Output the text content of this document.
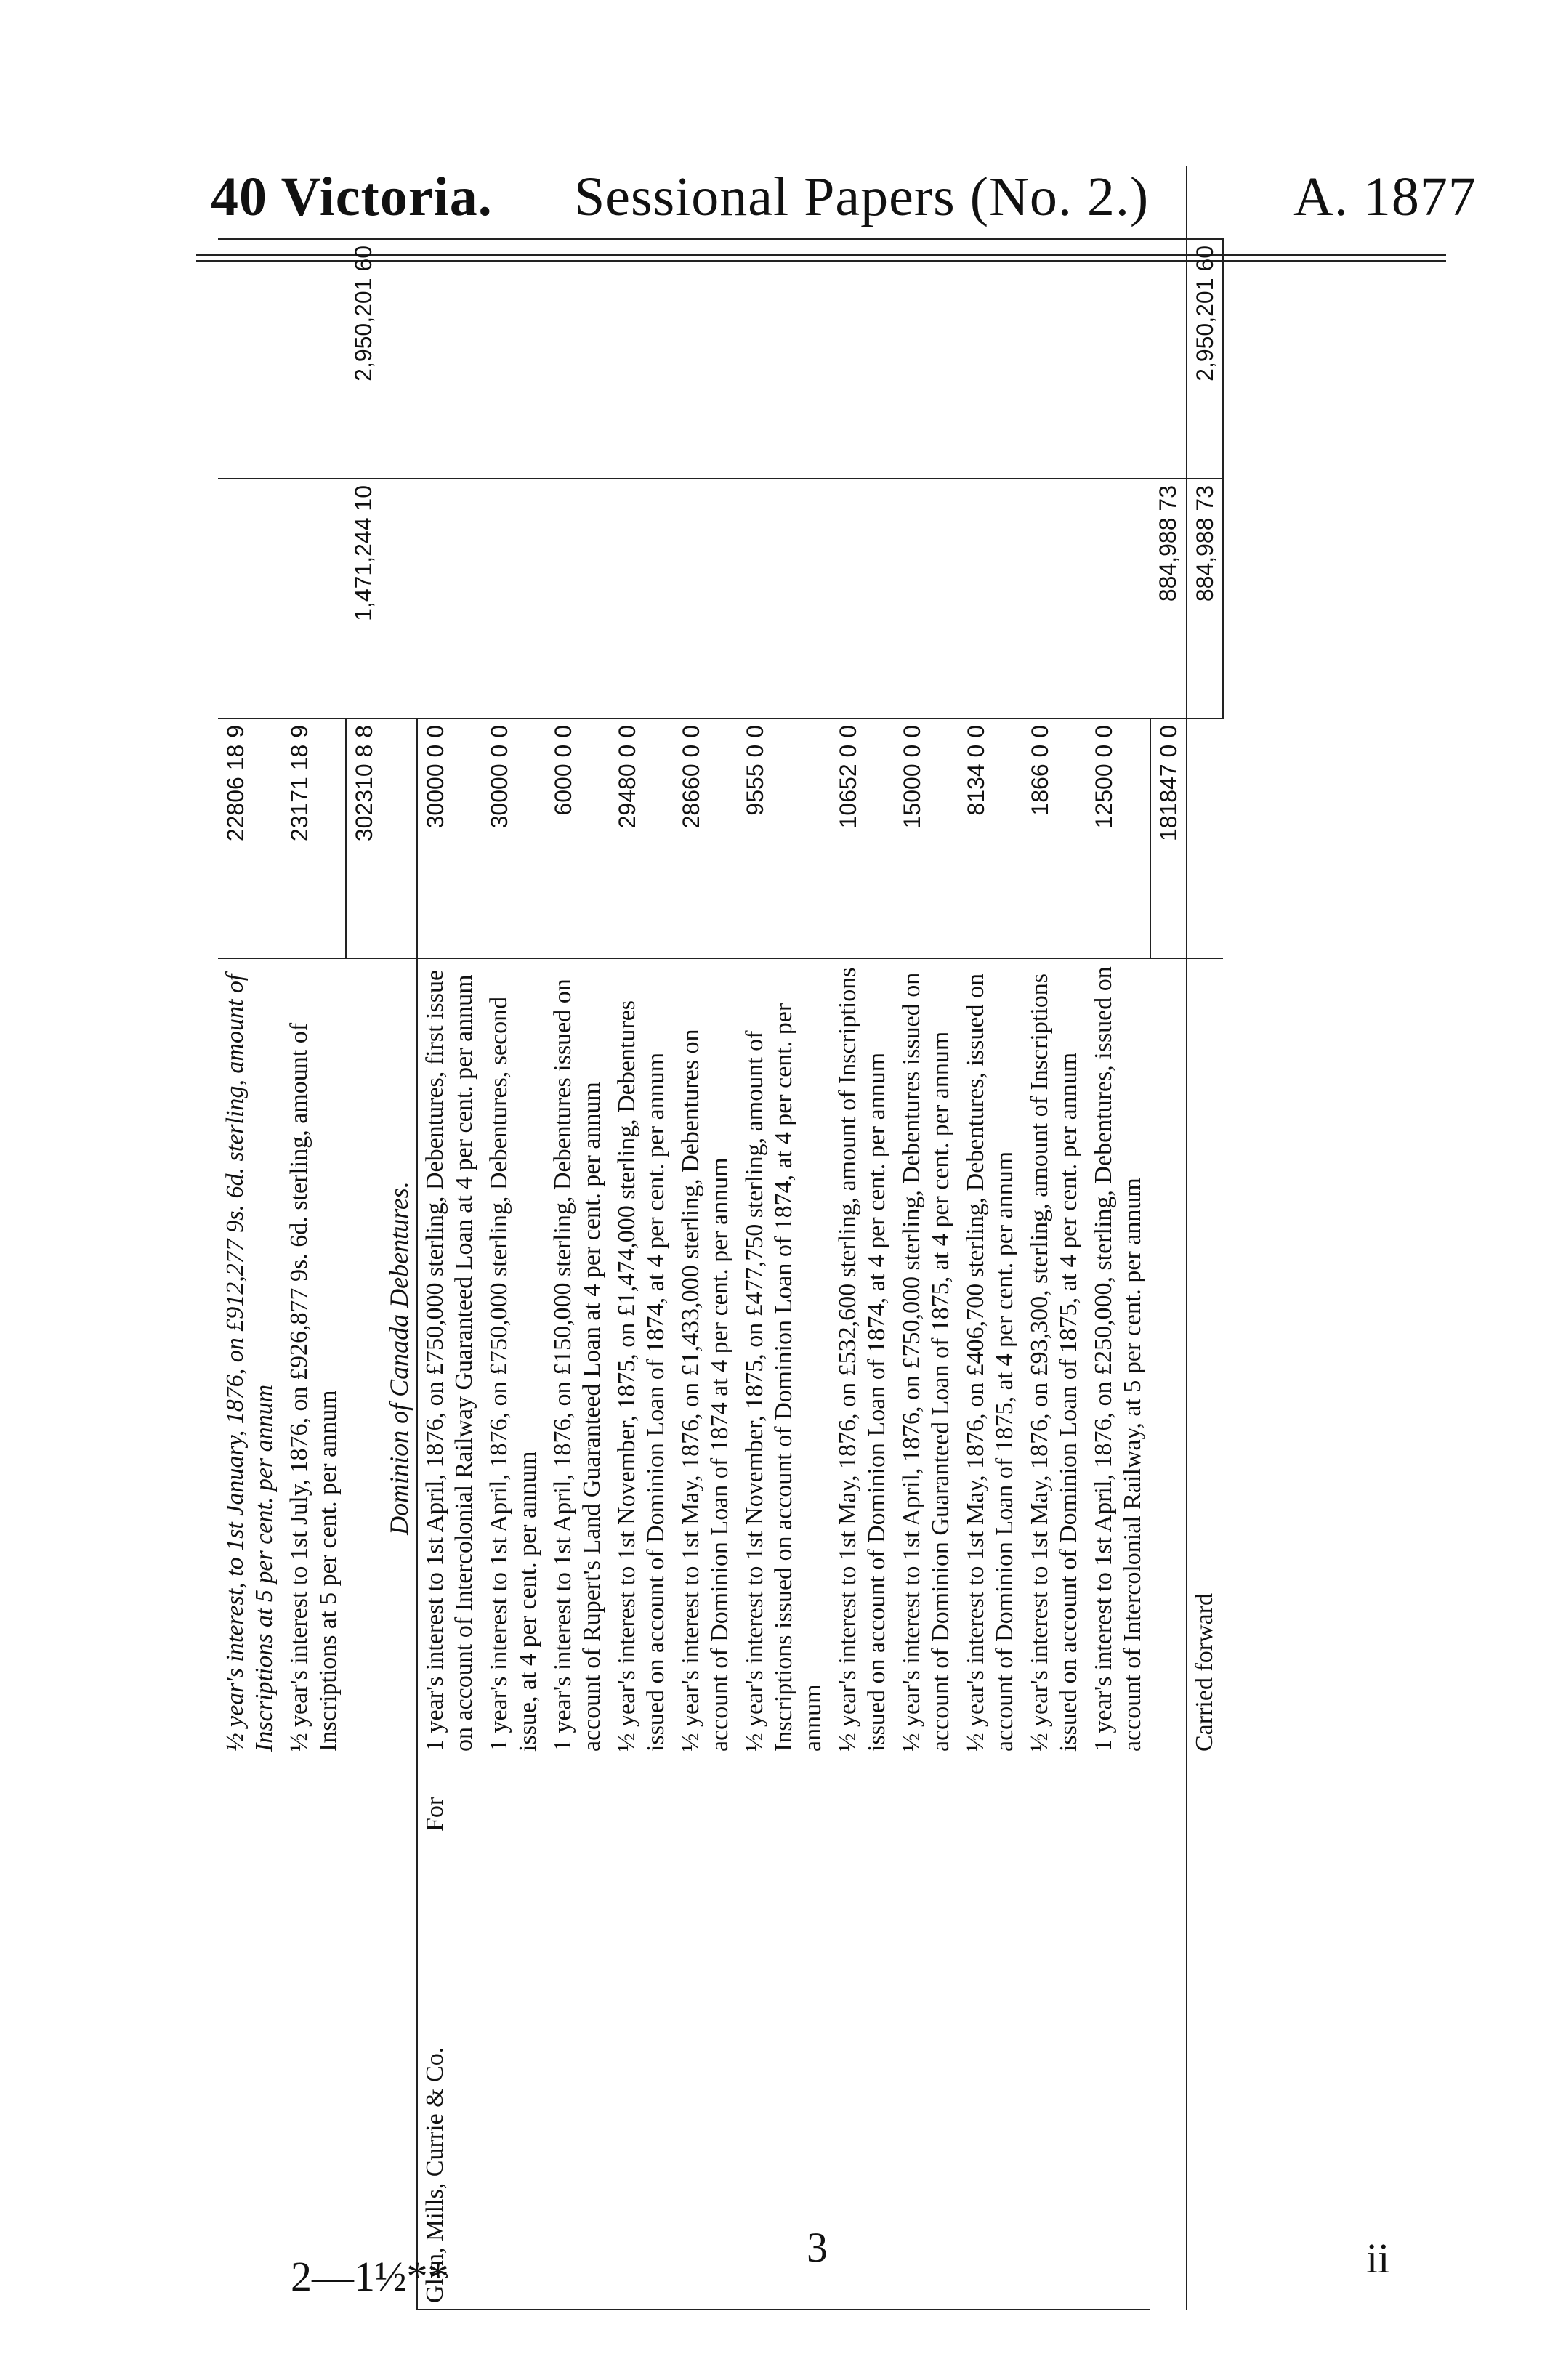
40 Victoria. Sessional Papers (No. 2.)	A. 1877
		½ year's interest, to 1st January, 1876, on £912,277 9s. 6d. sterling, amount of Inscriptions at 5 per cent. per annum	22806 18 9			
		½ year's interest to 1st July, 1876, on £926,877 9s. 6d. sterling, amount of Inscriptions at 5 per cent. per annum	23171 18 9			
			302310 8 8	1,471,244 10	2,950,201 60	
		Dominion of Canada Debentures.				
Glyn, Mills, Currie & Co.	For	1 year's interest to 1st April, 1876, on £750,000 sterling, Debentures, first issue on account of Intercolonial Railway Guaranteed Loan at 4 per cent. per annum	30000 0 0			
		1 year's interest to 1st April, 1876, on £750,000 sterling, Debentures, second issue, at 4 per cent. per annum	30000 0 0			
		1 year's interest to 1st April, 1876, on £150,000 sterling, Debentures issued on account of Rupert's Land Guaranteed Loan at 4 per cent. per annum	6000 0 0			
		½ year's interest to 1st November, 1875, on £1,474,000 sterling, Debentures issued on account of Dominion Loan of 1874, at 4 per cent. per annum	29480 0 0			
		½ year's interest to 1st May, 1876, on £1,433,000 sterling, Debentures on account of Dominion Loan of 1874 at 4 per cent. per annum	28660 0 0			
		½ year's interest to 1st November, 1875, on £477,750 sterling, amount of Inscriptions issued on account of Dominion Loan of 1874, at 4 per cent. per annum	9555 0 0			
		½ year's interest to 1st May, 1876, on £532,600 sterling, amount of Inscriptions issued on account of Dominion Loan of 1874, at 4 per cent. per annum	10652 0 0			
		½ year's interest to 1st April, 1876, on £750,000 sterling, Debentures issued on account of Dominion Guaranteed Loan of 1875, at 4 per cent. per annum	15000 0 0			
		½ year's interest to 1st May, 1876, on £406,700 sterling, Debentures, issued on account of Dominion Loan of 1875, at 4 per cent. per annum	8134 0 0			
		½ year's interest to 1st May, 1876, on £93,300, sterling, amount of Inscriptions issued on account of Dominion Loan of 1875, at 4 per cent. per annum	1866 0 0			
		1 year's interest to 1st April, 1876, on £250,000, sterling, Debentures, issued on account of Intercolonial Railway, at 5 per cent. per annum	12500 0 0			
			181847 0 0	884,988 73		
		Carried forward		884,988 73	2,950,201 60	
2—1½**
3	ii
